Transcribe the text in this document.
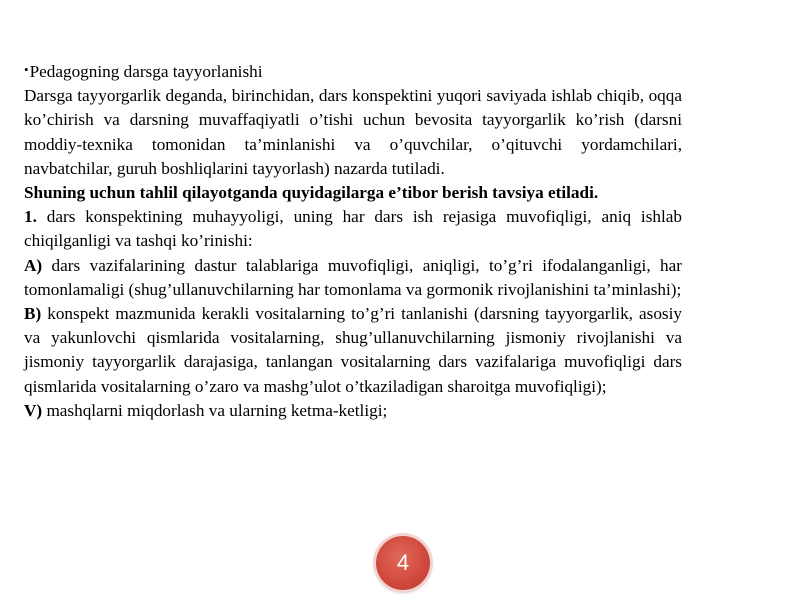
•Pedagogning darsga tayyorlanishi

Darsga tayyorgarlik deganda, birinchidan, dars konspektini yuqori saviyada ishlab chiqib, oqqa ko’chirish va darsning muvaffaqiyatli o’tishi uchun bevosita tayyorgarlik ko’rish (darsni moddiy-texnika tomonidan ta’minlanishi va o’quvchilar, o’qituvchi yordamchilari, navbatchilar, guruh boshliqlarini tayyorlash) nazarda tutiladi.

Shuning uchun tahlil qilayotganda quyidagilarga e’tibor berish tavsiya etiladi.

1. dars konspektining muhayyoligi, uning har dars ish rejasiga muvofiqligi, aniq ishlab chiqilganligi va tashqi ko’rinishi:

A) dars vazifalarining dastur talablariga muvofiqligi, aniqligi, to’g’ri ifodalanganligi, har tomonlamaligi (shug’ullanuvchilarning har tomonlama va gormonik rivojlanishini ta’minlashi);

B) konspekt mazmunida kerakli vositalarning to’g’ri tanlanishi (darsning tayyorgarlik, asosiy va yakunlovchi qismlarida vositalarning, shug’ullanuvchilarning jismoniy rivojlanishi va jismoniy tayyorgarlik darajasiga, tanlangan vositalarning dars vazifalariga muvofiqligi dars qismlarida vositalarning o’zaro va mashg’ulot o’tkaziladigan sharoitga muvofiqligi);

V) mashqlarni miqdorlash va ularning ketma-ketligi;

4
